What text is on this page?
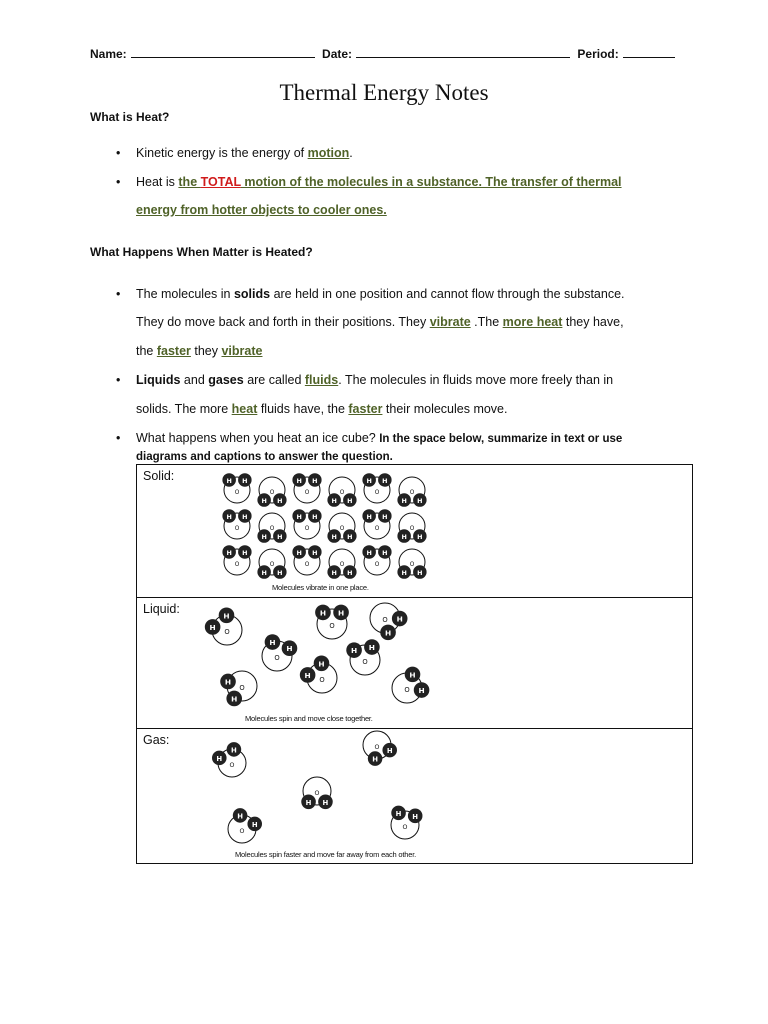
Name:	Date:	Period:
Thermal Energy Notes
What is Heat?
• Kinetic energy is the energy of motion.
• Heat is the TOTAL motion of the molecules in a substance. The transfer of thermal
energy from hotter objects to cooler ones.
What Happens When Matter is Heated?
• The molecules in solids are held in one position and cannot flow through the substance.
They do move back and forth in their positions. They vibrate .The more heat they have,
the faster they vibrate
• Liquids and gases are called fluids. The molecules in fluids move more freely than in
solids. The more heat fluids have, the faster their molecules move.
• What happens when you heat an ice cube? In the space below, summarize in text or use
diagrams and captions to answer the question.
Solid:
O
H H
O
H
H
O
H H
O
H
H
O
H H
O
H
H
O
H H
O
H
H
O
H H
O
H
H
O
H H
O
H
H
O
H H
O
H
H
O
H H
O
H
H
O
H H
O
H
H
Molecules vibrate in one place.
Liquid:
O
H
H
O
H
H
O
H H
O H
H
O
H H
O
H
H	O
H
H
O
H
H
Molecules spin and move close together.
Gas:
O
H
H	O H
H
O
H
H
O
H
H	O
H H
Molecules spin faster and move far away from each other.
